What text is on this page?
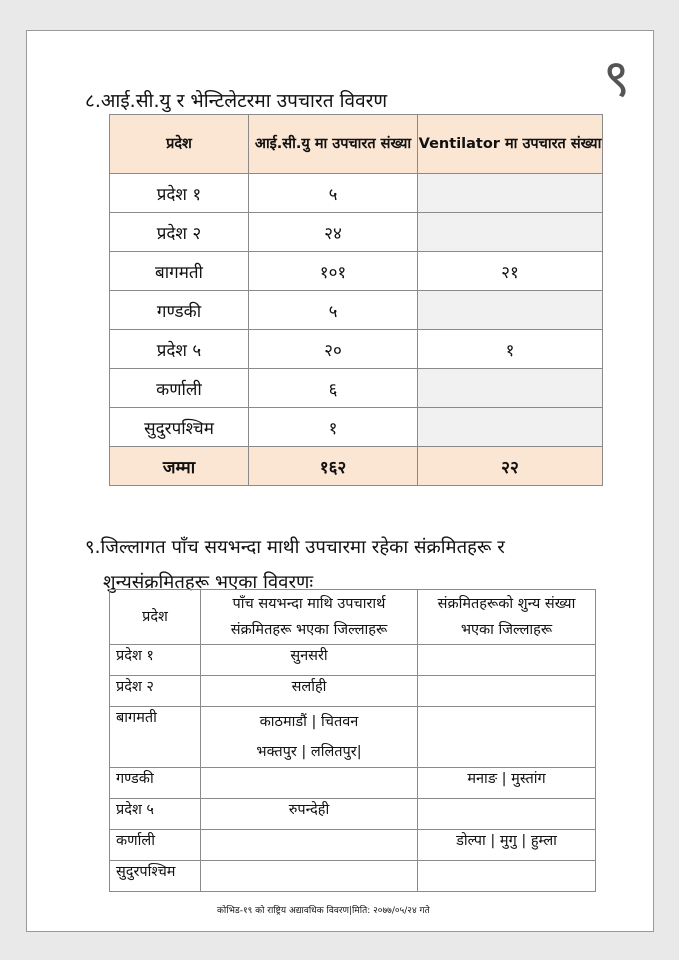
९
८.आई.सी.यु र भेन्टिलेटरमा उपचारत विवरण
प्रदेश	आई.सी.यु मा उपचारत संख्या	Ventilator मा उपचारत संख्या
प्रदेश १	५	
प्रदेश २	२४	
बागमती	१०१	२१
गण्डकी	५	
प्रदेश ५	२०	१
कर्णाली	६	
सुदुरपश्चिम	१	
जम्मा	१६२	२२
९.जिल्लागत पाँच सयभन्दा माथी उपचारमा रहेका संक्रमितहरू र
शुन्यसंक्रमितहरू भएका विवरणः
प्रदेश	पाँच सयभन्दा माथि उपचारार्थ संक्रमितहरू भएका जिल्लाहरू	संक्रमितहरूको शुन्य संख्या भएका जिल्लाहरू
प्रदेश १	सुनसरी	
प्रदेश २	सर्लाही	
बागमती	काठमाडौं | चितवन
भक्तपुर | ललितपुर|	

गण्डकी		मनाङ | मुस्तांग
प्रदेश ५	रुपन्देही	
कर्णाली		डोल्पा | मुगु | हुम्ला
सुदुरपश्चिम		
कोभिड-१९ को राष्ट्रिय अद्यावधिक विवरण|मिति: २०७७/०५/२४ गते
